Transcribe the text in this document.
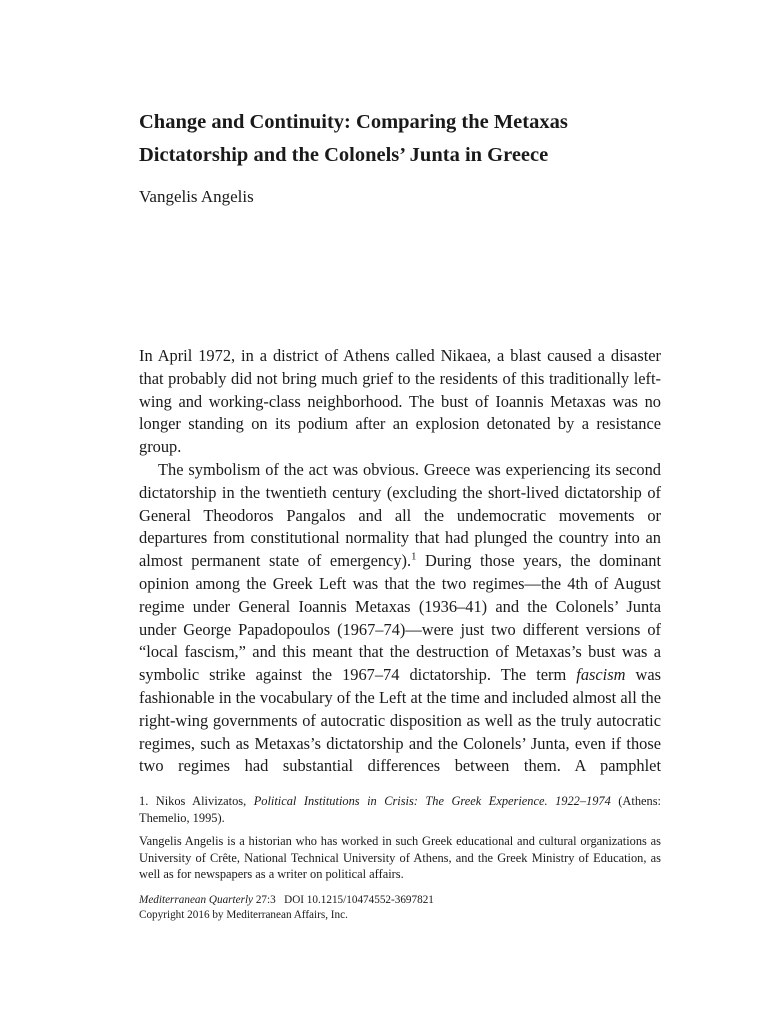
Change and Continuity: Comparing the Metaxas
Dictatorship and the Colonels’ Junta in Greece
Vangelis Angelis

In April 1972, in a district of Athens called Nikaea, a blast caused a disaster that probably did not bring much grief to the residents of this traditionally left-wing and working-class neighborhood. The bust of Ioannis Metaxas was no longer standing on its podium after an explosion detonated by a resistance group.

The symbolism of the act was obvious. Greece was experiencing its second dictatorship in the twentieth century (excluding the short-lived dictatorship of General Theodoros Pangalos and all the undemocratic movements or departures from constitutional normality that had plunged the country into an almost permanent state of emergency).$^1$ During those years, the dominant opinion among the Greek Left was that the two regimes—the 4th of August regime under General Ioannis Metaxas (1936–41) and the Colonels’ Junta under George Papadopoulos (1967–74)—were just two different versions of “local fascism,” and this meant that the destruction of Metaxas’s bust was a symbolic strike against the 1967–74 dictatorship. The term fascism was fashionable in the vocabulary of the Left at the time and included almost all the right-wing governments of autocratic disposition as well as the truly autocratic regimes, such as Metaxas’s dictatorship and the Colonels’ Junta, even if those two regimes had substantial differences between them. A pamphlet

1. Nikos Alivizatos, Political Institutions in Crisis: The Greek Experience. 1922–1974 (Athens: Themelio, 1995).

Vangelis Angelis is a historian who has worked in such Greek educational and cultural organizations as University of Crête, National Technical University of Athens, and the Greek Ministry of Education, as well as for newspapers as a writer on political affairs.

Mediterranean Quarterly 27:3   DOI 10.1215/10474552-3697821
Copyright 2016 by Mediterranean Affairs, Inc.
